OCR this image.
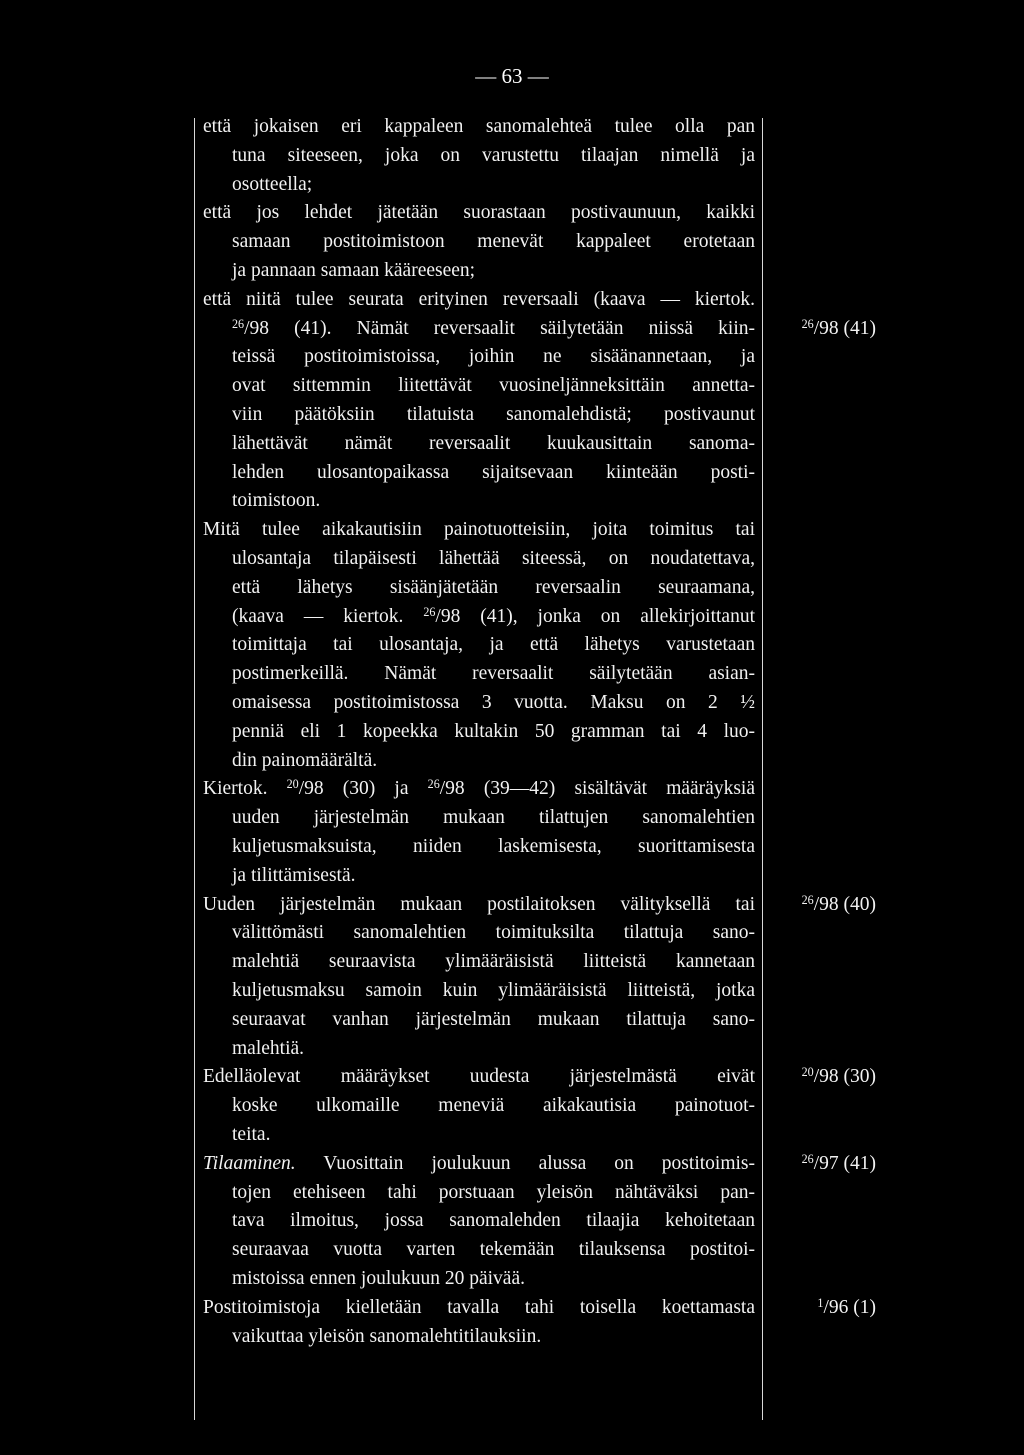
— 63 —
että jokaisen eri kappaleen sanomalehteä tulee olla pan
tuna siteeseen, joka on varustettu tilaajan nimellä ja
osotteella;
että jos lehdet jätetään suorastaan postivaunuun, kaikki
samaan postitoimistoon menevät kappaleet erotetaan
ja pannaan samaan kääreeseen;
että niitä tulee seurata erityinen reversaali (kaava — kiertok.
$^{26}$/98 (41). Nämät reversaalit säilytetään niissä kiin-
teissä postitoimistoissa, joihin ne sisäänannetaan, ja
ovat sittemmin liitettävät vuosineljänneksittäin annetta-
viin päätöksiin tilatuista sanomalehdistä; postivaunut
lähettävät nämät reversaalit kuukausittain sanoma-
lehden ulosantopaikassa sijaitsevaan kiinteään posti-
toimistoon.
Mitä tulee aikakautisiin painotuotteisiin, joita toimitus tai
ulosantaja tilapäisesti lähettää siteessä, on noudatettava,
että lähetys sisäänjätetään reversaalin seuraamana,
(kaava — kiertok. $^{26}$/98 (41), jonka on allekirjoittanut
toimittaja tai ulosantaja, ja että lähetys varustetaan
postimerkeillä. Nämät reversaalit säilytetään asian-
omaisessa postitoimistossa 3 vuotta. Maksu on 2 ½
penniä eli 1 kopeekka kultakin 50 gramman tai 4 luo-
din painomäärältä.
Kiertok. $^{20}$/98 (30) ja $^{26}$/98 (39—42) sisältävät määräyksiä
uuden järjestelmän mukaan tilattujen sanomalehtien
kuljetusmaksuista, niiden laskemisesta, suorittamisesta
ja tilittämisestä.
Uuden järjestelmän mukaan postilaitoksen välityksellä tai
välittömästi sanomalehtien toimituksilta tilattuja sano-
malehtiä seuraavista ylimääräisistä liitteistä kannetaan
kuljetusmaksu samoin kuin ylimääräisistä liitteistä, jotka
seuraavat vanhan järjestelmän mukaan tilattuja sano-
malehtiä.
Edelläolevat määräykset uudesta järjestelmästä eivät
koske ulkomaille meneviä aikakautisia painotuot-
teita.
Tilaaminen. Vuosittain joulukuun alussa on postitoimis-
tojen etehiseen tahi porstuaan yleisön nähtäväksi pan-
tava ilmoitus, jossa sanomalehden tilaajia kehoitetaan
seuraavaa vuotta varten tekemään tilauksensa postitoi-
mistoissa ennen joulukuun 20 päivää.
Postitoimistoja kielletään tavalla tahi toisella koettamasta
vaikuttaa yleisön sanomalehtitilauksiin.
$^{26}$/98 (41)
$^{26}$/98 (40)
$^{20}$/98 (30)
$^{26}$/97 (41)
$^1$/96 (1)
